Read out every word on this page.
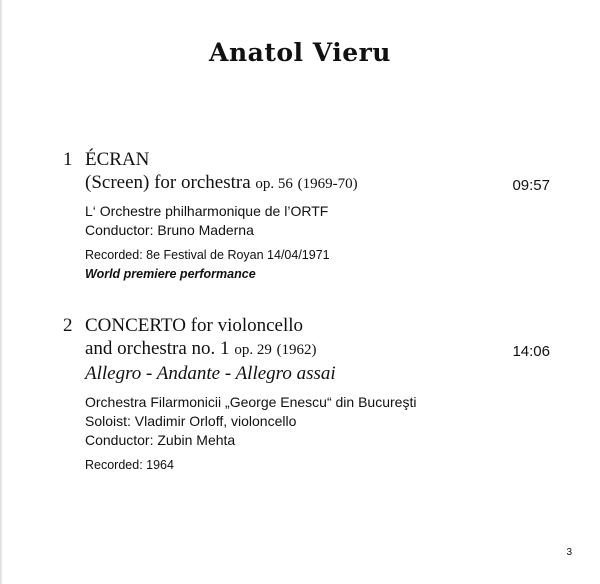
Anatol Vieru
1 ÉCRAN
(Screen) for orchestra op. 56 (1969-70)	09:57
L‘ Orchestre philharmonique de l’ORTF
Conductor: Bruno Maderna
Recorded: 8e Festival de Royan 14/04/1971
World premiere performance
2 CONCERTO for violoncello
and orchestra no. 1 op. 29 (1962)	14:06
Allegro - Andante - Allegro assai
Orchestra Filarmonicii „George Enescu“ din Bucureşti
Soloist: Vladimir Orloff, violoncello
Conductor: Zubin Mehta
Recorded: 1964
3
